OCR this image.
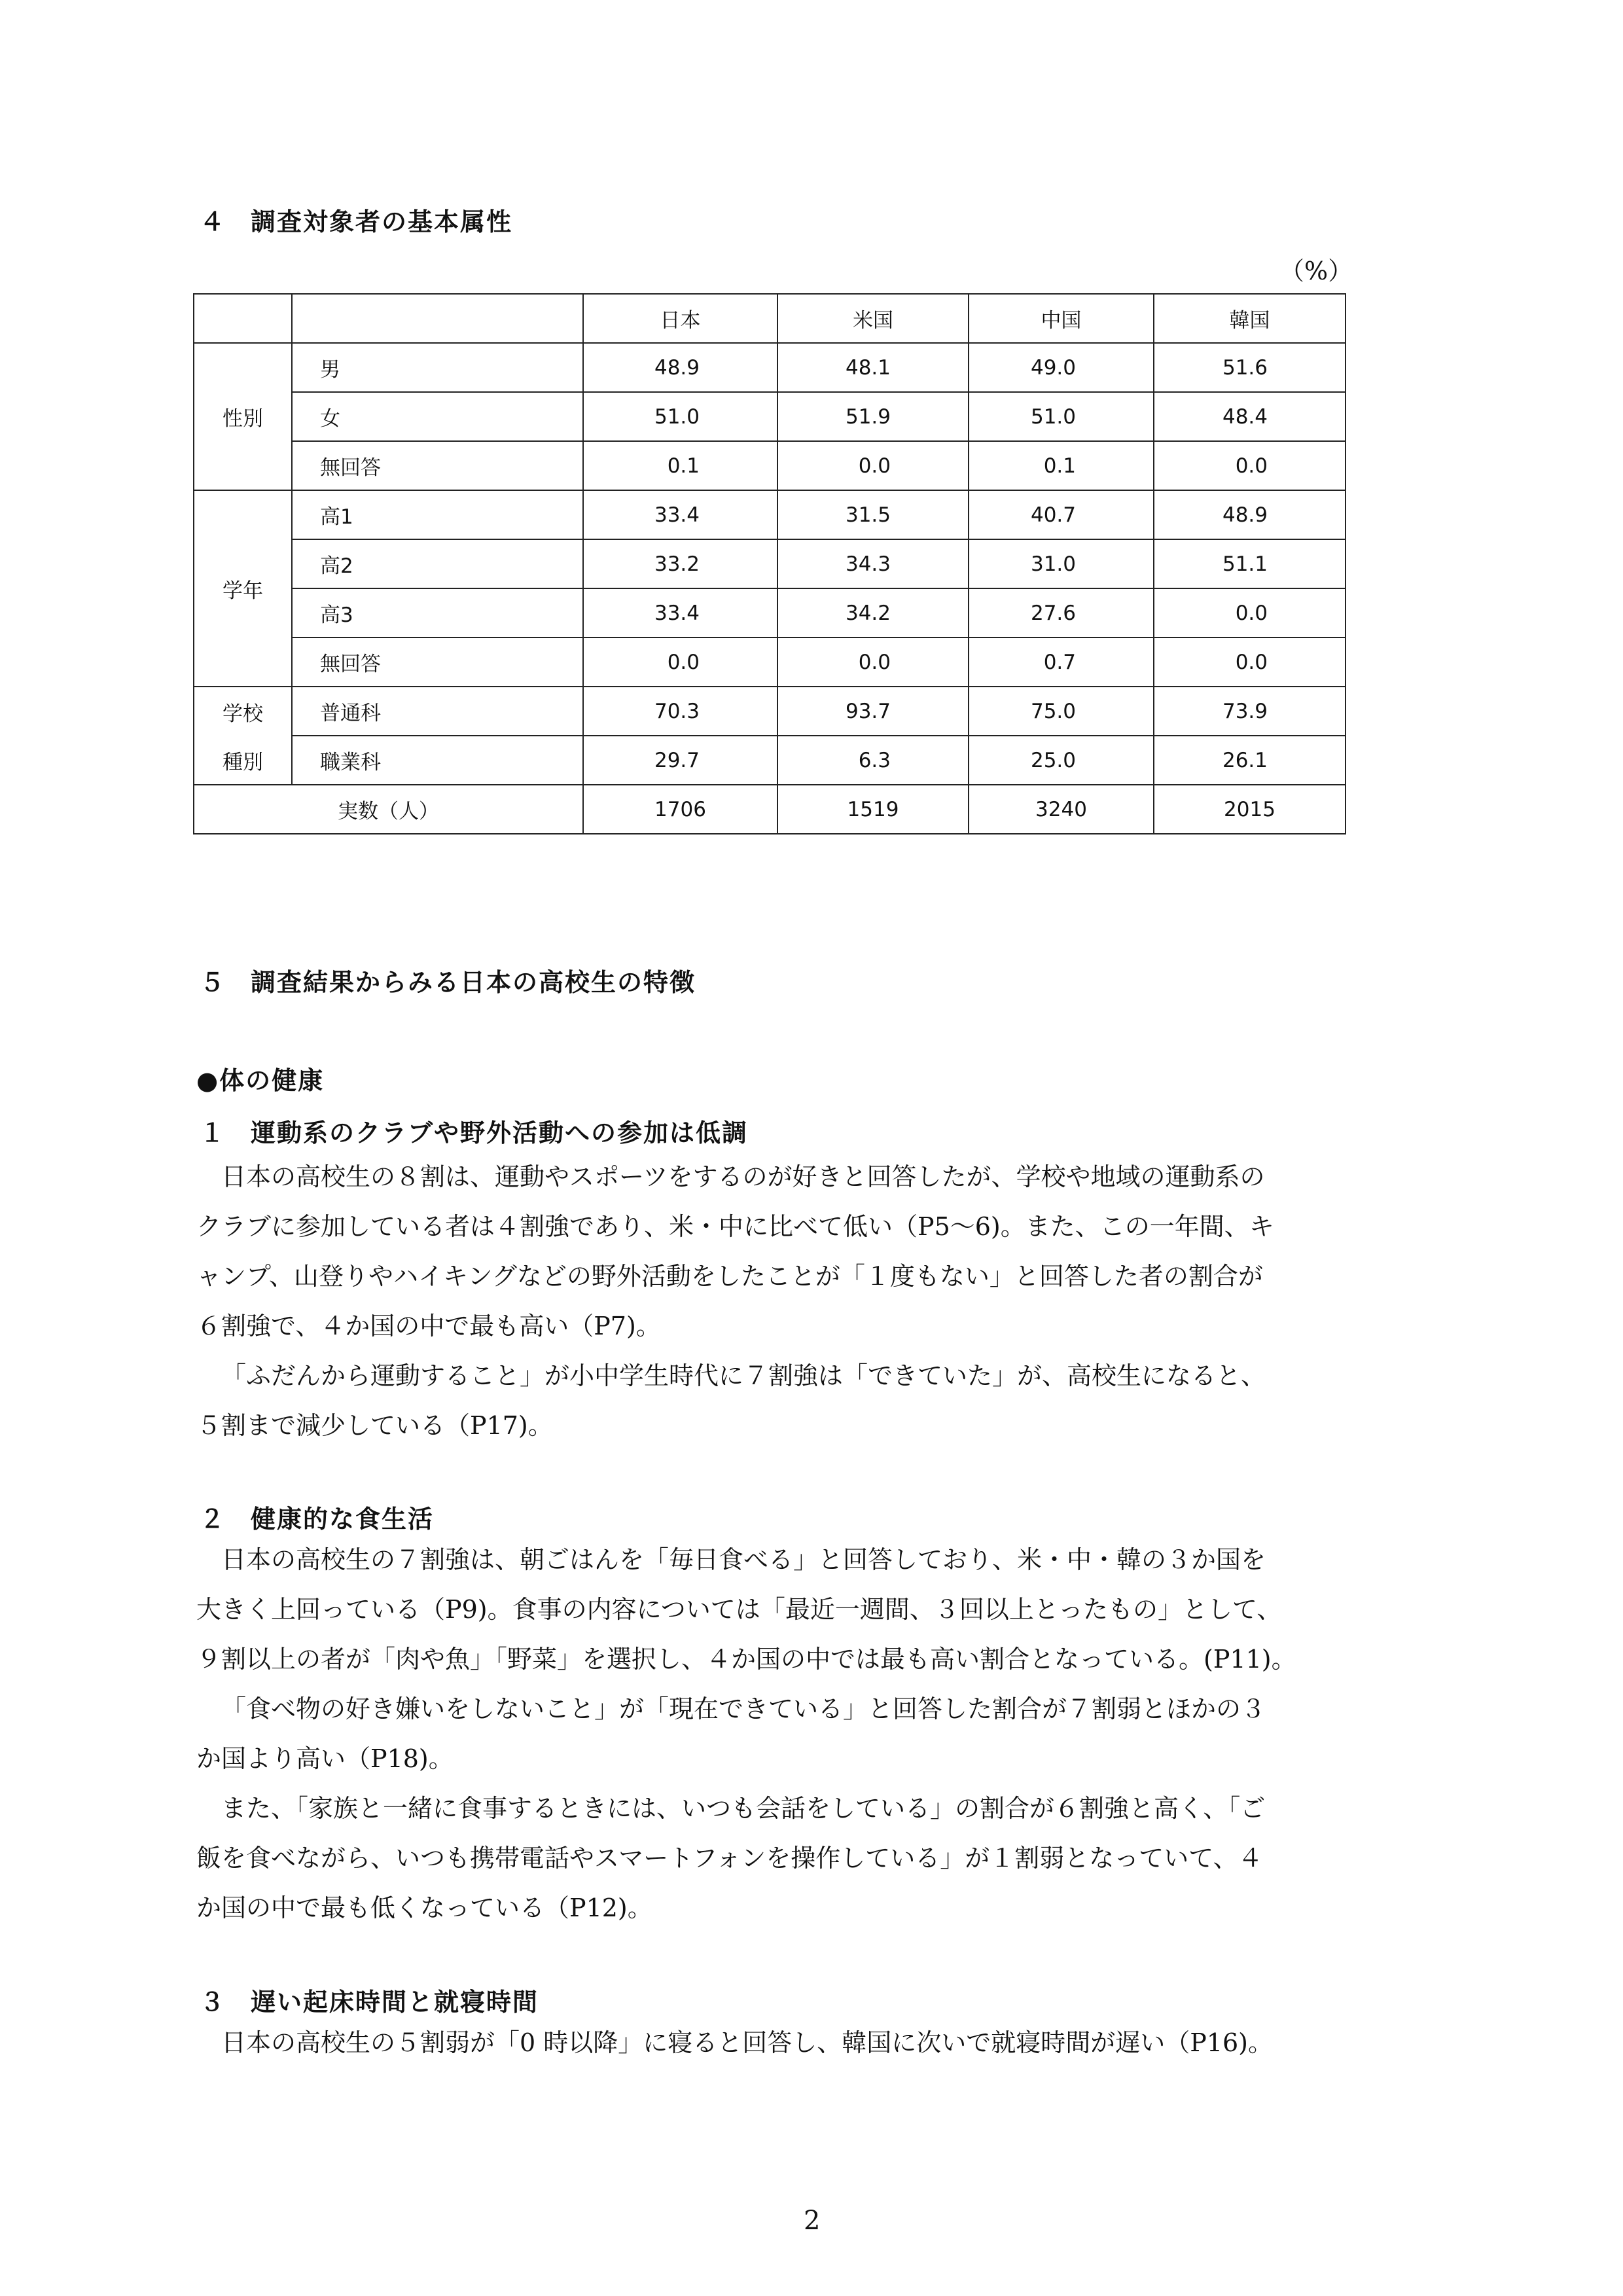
４ 調査対象者の基本属性
（%）
		日本	米国	中国	韓国
性別	男	48.9	48.1	49.0	51.6
	女	51.0	51.9	51.0	48.4
	無回答	0.1	0.0	0.1	0.0
学年	高1	33.4	31.5	40.7	48.9
	高2	33.2	34.3	31.0	51.1
	高3	33.4	34.2	27.6	0.0
	無回答	0.0	0.0	0.7	0.0
学校	普通科	70.3	93.7	75.0	73.9
種別	職業科	29.7	6.3	25.0	26.1
実数（人）		1706	1519	3240	2015
５ 調査結果からみる日本の高校生の特徴
●体の健康
１ 運動系のクラブや野外活動への参加は低調
日本の高校生の８割は、運動やスポーツをするのが好きと回答したが、学校や地域の運動系の
クラブに参加している者は４割強であり、米・中に比べて低い（P5〜6)。また、この一年間、キ
ャンプ、山登りやハイキングなどの野外活動をしたことが「１度もない」と回答した者の割合が
６割強で、４か国の中で最も高い（P7)。
「ふだんから運動すること」が小中学生時代に７割強は「できていた」が、高校生になると、
５割まで減少している（P17)。
２ 健康的な食生活
日本の高校生の７割強は、朝ごはんを「毎日食べる」と回答しており、米・中・韓の３か国を
大きく上回っている（P9)。食事の内容については「最近一週間、３回以上とったもの」として、
９割以上の者が「肉や魚」「野菜」を選択し、４か国の中では最も高い割合となっている。(P11)。
「食べ物の好き嫌いをしないこと」が「現在できている」と回答した割合が７割弱とほかの３
か国より高い（P18)。
また、「家族と一緒に食事するときには、いつも会話をしている」の割合が６割強と高く、「ご
飯を食べながら、いつも携帯電話やスマートフォンを操作している」が１割弱となっていて、４
か国の中で最も低くなっている（P12)。
３ 遅い起床時間と就寝時間
日本の高校生の５割弱が「0 時以降」に寝ると回答し、韓国に次いで就寝時間が遅い（P16)。
2
